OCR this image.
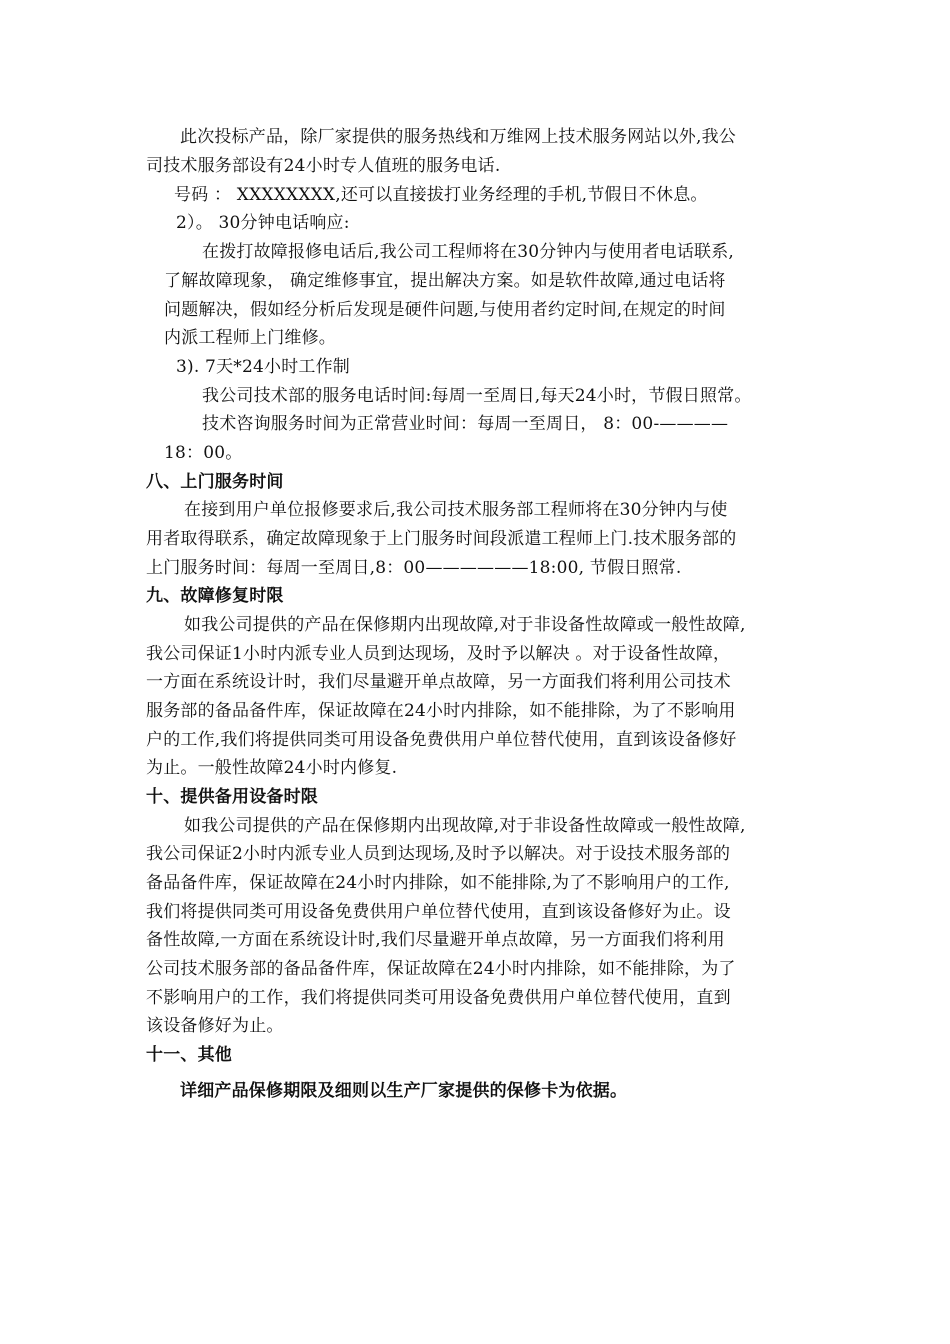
此次投标产品，除厂家提供的服务热线和万维网上技术服务网站以外,我公
司技术服务部设有24小时专人值班的服务电话.
号码 ： XXXXXXXX,还可以直接拔打业务经理的手机,节假日不休息。
2）。 30分钟电话响应:
在拨打故障报修电话后,我公司工程师将在30分钟内与使用者电话联系,
了解故障现象， 确定维修事宜，提出解决方案。如是软件故障,通过电话将
问题解决，假如经分析后发现是硬件问题,与使用者约定时间,在规定的时间
内派工程师上门维修。
3). 7天*24小时工作制
我公司技术部的服务电话时间:每周一至周日,每天24小时，节假日照常。
技术咨询服务时间为正常营业时间：每周一至周日， 8：00-————
18：00。
八、上门服务时间
在接到用户单位报修要求后,我公司技术服务部工程师将在30分钟内与使
用者取得联系，确定故障现象于上门服务时间段派遣工程师上门.技术服务部的
上门服务时间：每周一至周日,8：00——————18:00, 节假日照常.
九、故障修复时限
如我公司提供的产品在保修期内出现故障,对于非设备性故障或一般性故障,
我公司保证1小时内派专业人员到达现场，及时予以解决 。对于设备性故障，
一方面在系统设计时，我们尽量避开单点故障，另一方面我们将利用公司技术
服务部的备品备件库，保证故障在24小时内排除，如不能排除，为了不影响用
户的工作,我们将提供同类可用设备免费供用户单位替代使用，直到该设备修好
为止。一般性故障24小时内修复.
十、提供备用设备时限
如我公司提供的产品在保修期内出现故障,对于非设备性故障或一般性故障,
我公司保证2小时内派专业人员到达现场,及时予以解决。对于设技术服务部的
备品备件库，保证故障在24小时内排除，如不能排除,为了不影响用户的工作,
我们将提供同类可用设备免费供用户单位替代使用，直到该设备修好为止。设
备性故障,一方面在系统设计时,我们尽量避开单点故障，另一方面我们将利用
公司技术服务部的备品备件库，保证故障在24小时内排除，如不能排除，为了
不影响用户的工作，我们将提供同类可用设备免费供用户单位替代使用，直到
该设备修好为止。
十一、其他
详细产品保修期限及细则以生产厂家提供的保修卡为依据。
